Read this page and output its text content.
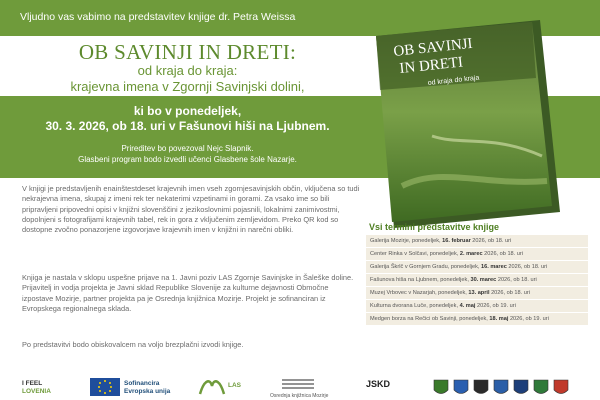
Vljudno vas vabimo na predstavitev knjige dr. Petra Weissa
OB SAVINJI IN DRETI:
od kraja do kraja:
krajevna imena v Zgornji Savinjski dolini,
ki bo v ponedeljek,
30. 3. 2026, ob 18. uri v Fašunovi hiši na Ljubnem.
Prireditev bo povezoval Nejc Slapnik.
Glasbeni program bodo izvedli učenci Glasbene šole Nazarje.
V knjigi je predstavljenih enainštestdeset krajevnih imen vseh zgornjesavinjskih občin, vključena so tudi nekrajevna imena, skupaj z imeni rek ter nekaterimi vzpetinami in gorami. Za vsako ime so bili pripravljeni pripovedni opisi v knjižni slovenščini z jezikoslovnimi pojasnili, lokalnimi zanimivostmi, dopolnjeni s fotografijami krajevnih tabel, rek in gora z vključenim zemljevidom. Preko QR kod so dostopne zvočno ponazorjene izgovorjave krajevnih imen v knjižni in narečni obliki.
Knjiga je nastala v sklopu uspešne prijave na 1. Javni poziv LAS Zgornje Savinjske in Šaleške doline. Prijavitelj in vodja projekta je Javni sklad Republike Slovenije za kulturne dejavnosti Območne izpostave Mozirje, partner projekta pa je Osrednja knjižnica Mozirje. Projekt je sofinanciran iz Evropskega regionalnega sklada.
Po predstavitvi bodo obiskovalcem na voljo brezplačni izvodi knjige.
OB SAVINJI
IN DRETI
od kraja do kraja
Vsi termini predstavitve knjige
Galerija Mozirje, ponedeljek, 16. februar 2026, ob 18. uri
Center Rinka v Solčavi, ponedeljek, 2. marec 2026, ob 18. uri
Galerija Škrlč v Gornjem Gradu, ponedeljek, 16. marec 2026, ob 18. uri
Fašunova hiša na Ljubnem, ponedeljek, 30. marec 2026, ob 18. uri
Muzej Vrbovec v Nazarjah, ponedeljek, 13. april 2026, ob 18. uri
Kulturna dvorana Luče, ponedeljek, 4. maj 2026, ob 19. uri
Medgen borza na Rečici ob Savinji, ponedeljek, 18. maj 2026, ob 19. uri
I FEEL
LOVENIA
Sofinancira
Evropska unija
LAS
Osrednja knjižnica Mozirje
JSKD
